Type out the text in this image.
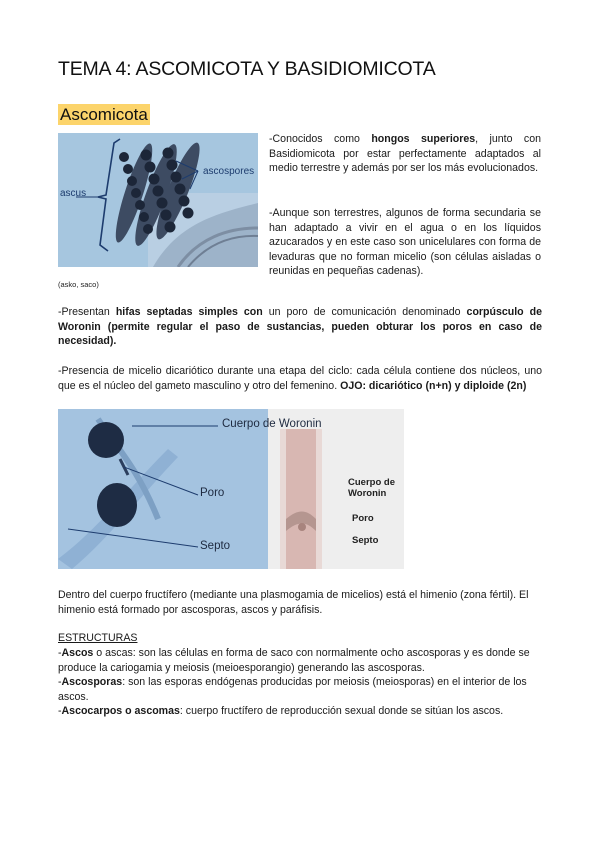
TEMA 4: ASCOMICOTA Y BASIDIOMICOTA
Ascomicota
ascus
ascospores
(asko, saco)
-Conocidos como hongos superiores, junto con Basidiomicota por estar perfectamente adaptados al medio terrestre y además por ser los más evolucionados.
-Aunque son terrestres, algunos de forma secundaria se han adaptado a vivir en el agua o en los líquidos azucarados y en este caso son unicelulares con forma de levaduras que no forman micelio (son células aisladas o reunidas en pequeñas cadenas).
-Presentan hifas septadas simples con un poro de comunicación denominado corpúsculo de Woronin (permite regular el paso de sustancias, pueden obturar los poros en caso de necesidad).
-Presencia de micelio dicariótico durante una etapa del ciclo: cada célula contiene dos núcleos, uno que es el núcleo del gameto masculino y otro del femenino. OJO: dicariótico (n+n) y diploide (2n)
Cuerpo de Woronin
Poro
Septo
Cuerpo de
Woronin
Poro
Septo
Dentro del cuerpo fructífero (mediante una plasmogamia de micelios) está el himenio (zona fértil). El himenio está formado por ascosporas, ascos y paráfisis.
ESTRUCTURAS
-Ascos o ascas: son las células en forma de saco con normalmente ocho ascosporas y es donde se produce la cariogamia y meiosis (meioesporangio) generando las ascosporas.
-Ascosporas: son las esporas endógenas producidas por meiosis (meiosporas) en el interior de los ascos.
-Ascocarpos o ascomas: cuerpo fructífero de reproducción sexual donde se sitúan los ascos.
